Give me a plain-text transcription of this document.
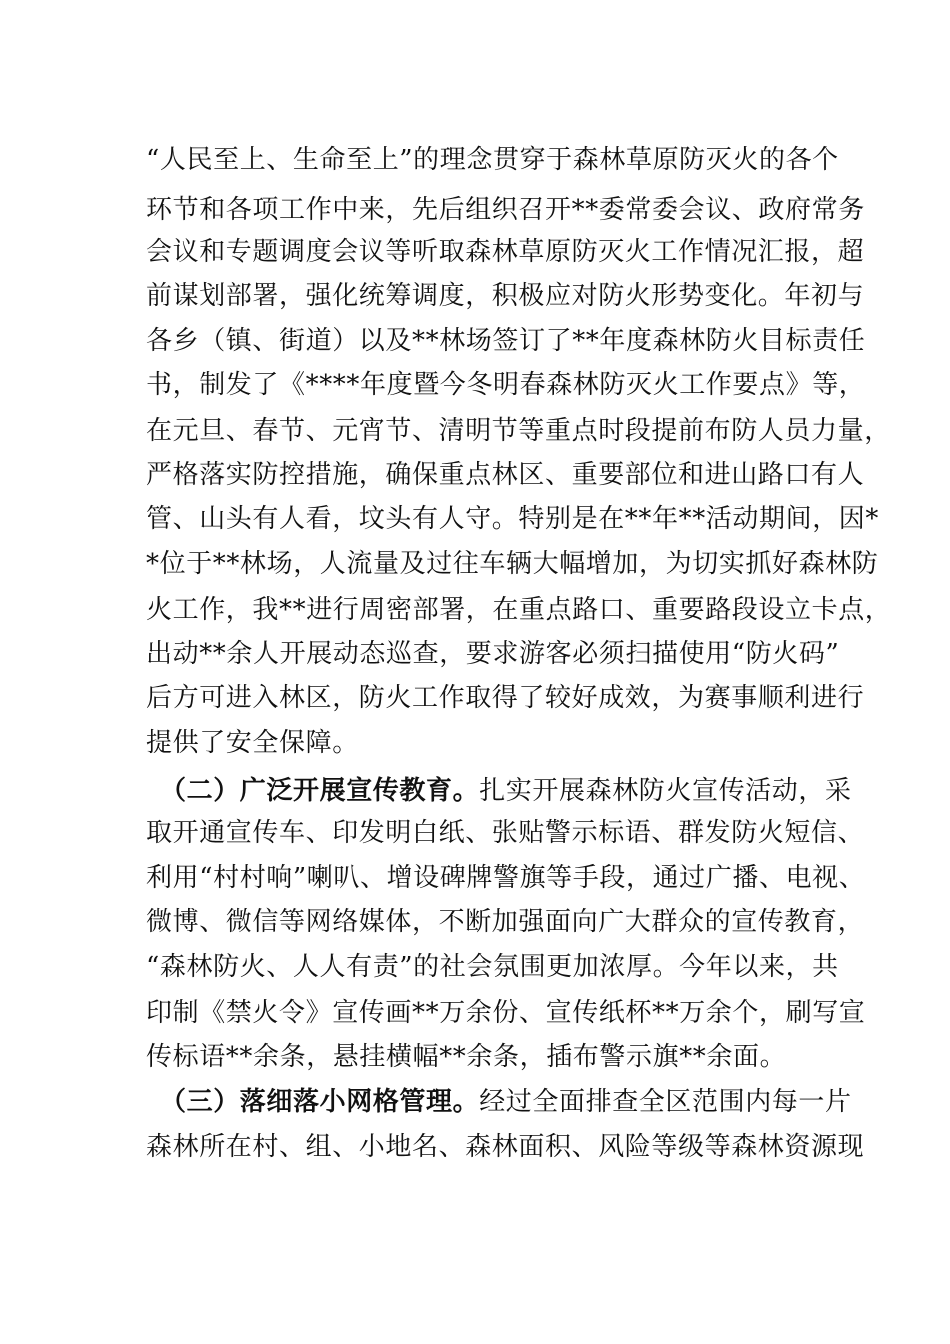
“人民至上、生命至上”的理念贯穿于森林草原防灭火的各个
环节和各项工作中来，先后组织召开**委常委会议、政府常务
会议和专题调度会议等听取森林草原防灭火工作情况汇报，超
前谋划部署，强化统筹调度，积极应对防火形势变化。年初与
各乡（镇、街道）以及**林场签订了**年度森林防火目标责任
书，制发了《****年度暨今冬明春森林防灭火工作要点》等，
在元旦、春节、元宵节、清明节等重点时段提前布防人员力量，
严格落实防控措施，确保重点林区、重要部位和进山路口有人
管、山头有人看，坟头有人守。特别是在**年**活动期间，因*
*位于**林场，人流量及过往车辆大幅增加，为切实抓好森林防
火工作，我**进行周密部署，在重点路口、重要路段设立卡点，
出动**余人开展动态巡查，要求游客必须扫描使用“防火码”
后方可进入林区，防火工作取得了较好成效，为赛事顺利进行
提供了安全保障。
（二）广泛开展宣传教育。扎实开展森林防火宣传活动，采
取开通宣传车、印发明白纸、张贴警示标语、群发防火短信、
利用“村村响”喇叭、增设碑牌警旗等手段，通过广播、电视、
微博、微信等网络媒体，不断加强面向广大群众的宣传教育，
“森林防火、人人有责”的社会氛围更加浓厚。今年以来，共
印制《禁火令》宣传画**万余份、宣传纸杯**万余个，刷写宣
传标语**余条，悬挂横幅**余条，插布警示旗**余面。
（三）落细落小网格管理。经过全面排查全区范围内每一片
森林所在村、组、小地名、森林面积、风险等级等森林资源现
